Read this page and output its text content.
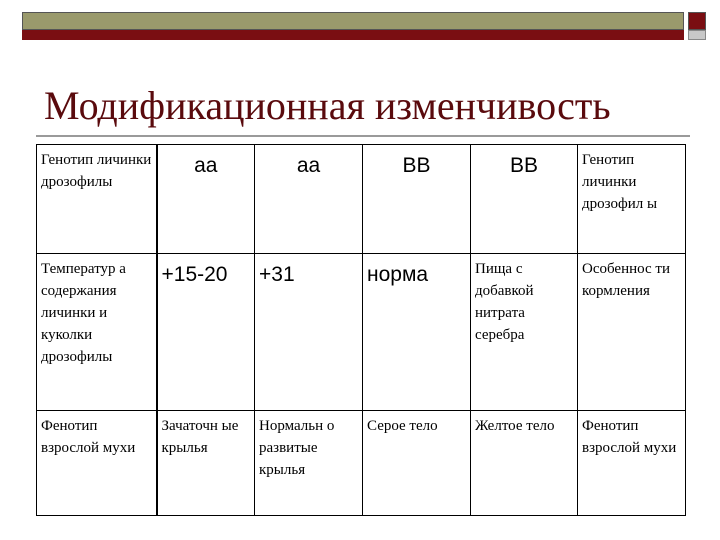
Модификационная изменчивость
Генотип личинки дрозофилы	аа	аа	ВВ	ВВ	Генотип личинки дрозофил ы
Температур а содержания личинки и куколки дрозофилы	+15-20	+31	норма	Пища с добавкой нитрата серебра	Особеннос ти кормления
Фенотип взрослой мухи	Зачаточн ые крылья	Нормальн о развитые крылья	Серое тело	Желтое тело	Фенотип взрослой мухи
